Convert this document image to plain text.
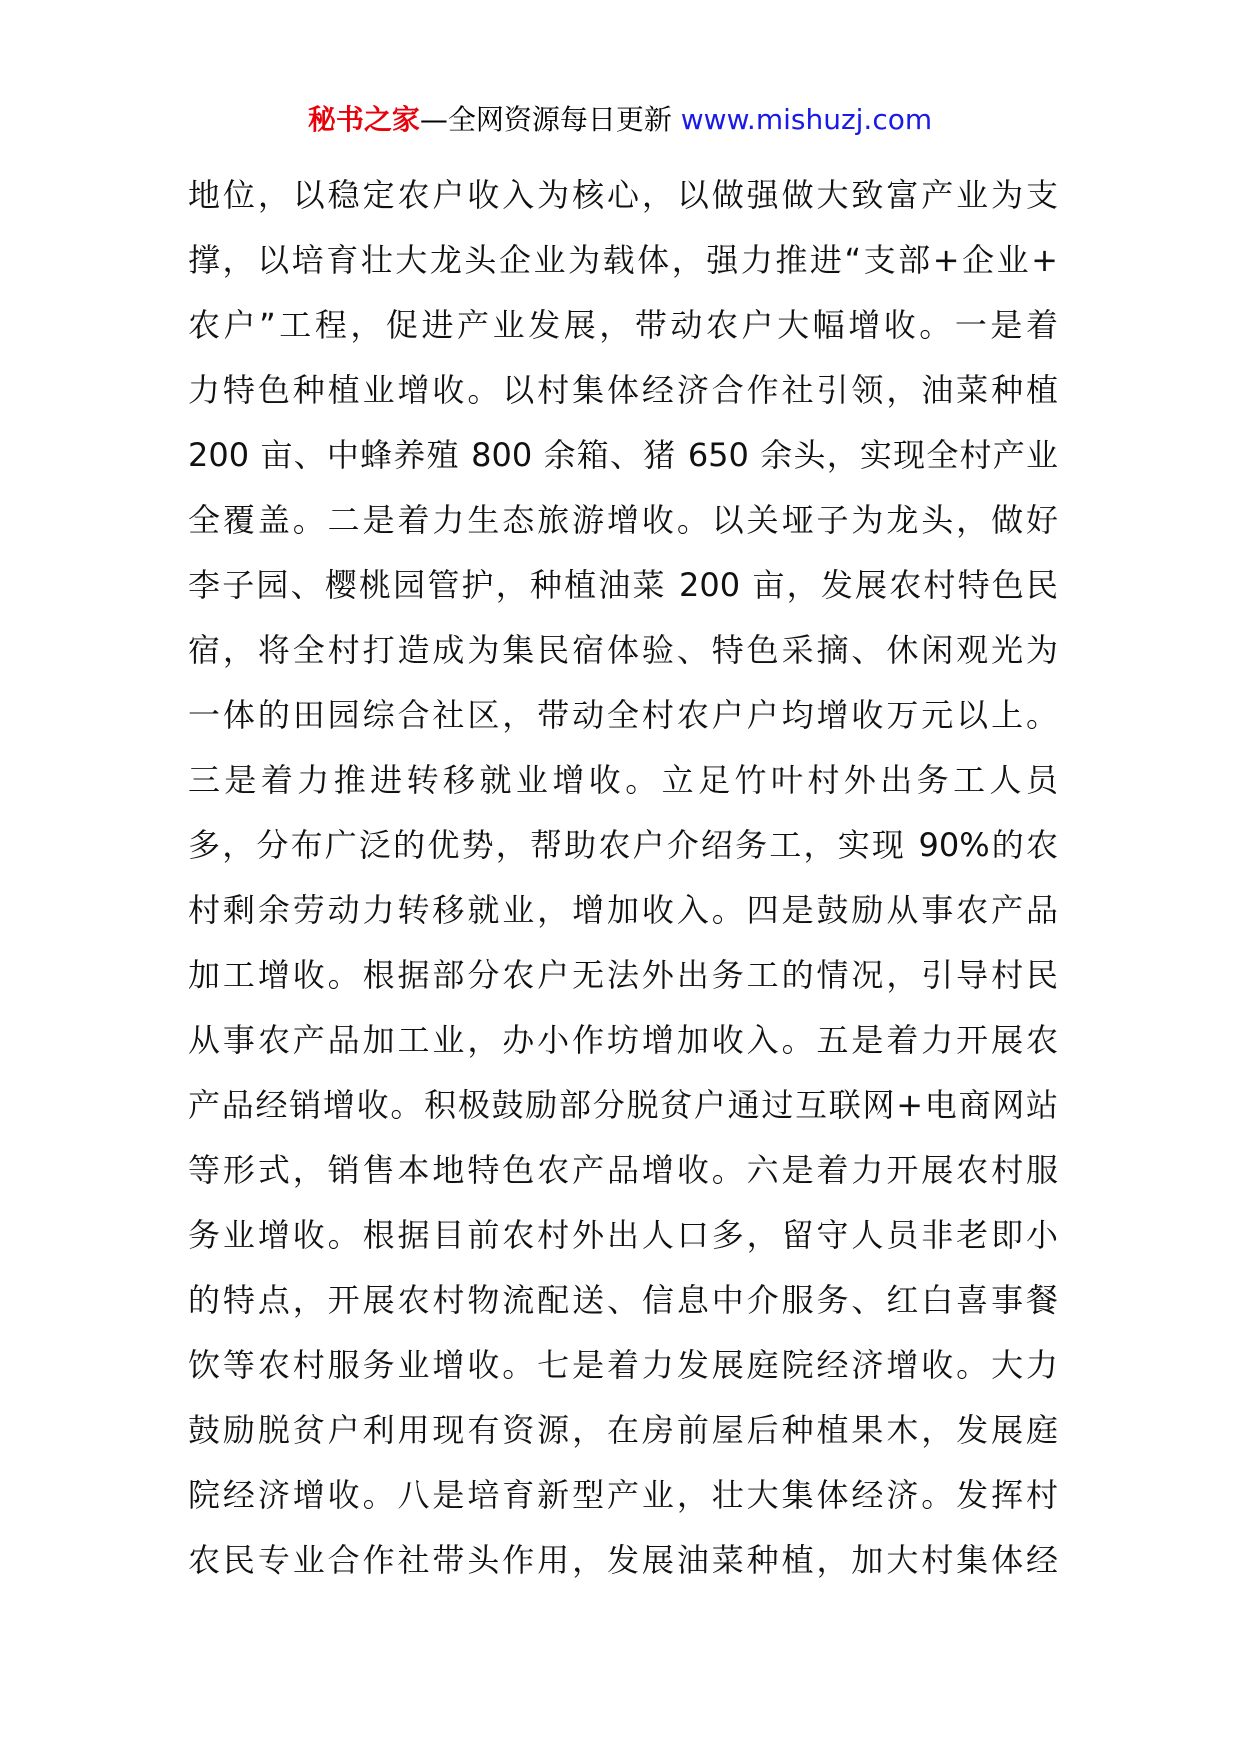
秘书之家—全网资源每日更新 www.mishuzj.com
地位，以稳定农户收入为核心，以做强做大致富产业为支
撑，以培育壮大龙头企业为载体，强力推进“支部+企业+
农户”工程，促进产业发展，带动农户大幅增收。一是着
力特色种植业增收。以村集体经济合作社引领，油菜种植
200 亩、中蜂养殖 800 余箱、猪 650 余头，实现全村产业
全覆盖。二是着力生态旅游增收。以关垭子为龙头，做好
李子园、樱桃园管护，种植油菜 200 亩，发展农村特色民
宿，将全村打造成为集民宿体验、特色采摘、休闲观光为
一体的田园综合社区，带动全村农户户均增收万元以上。
三是着力推进转移就业增收。立足竹叶村外出务工人员
多，分布广泛的优势，帮助农户介绍务工，实现 90%的农
村剩余劳动力转移就业，增加收入。四是鼓励从事农产品
加工增收。根据部分农户无法外出务工的情况，引导村民
从事农产品加工业，办小作坊增加收入。五是着力开展农
产品经销增收。积极鼓励部分脱贫户通过互联网+电商网站
等形式，销售本地特色农产品增收。六是着力开展农村服
务业增收。根据目前农村外出人口多，留守人员非老即小
的特点，开展农村物流配送、信息中介服务、红白喜事餐
饮等农村服务业增收。七是着力发展庭院经济增收。大力
鼓励脱贫户利用现有资源，在房前屋后种植果木，发展庭
院经济增收。八是培育新型产业，壮大集体经济。发挥村
农民专业合作社带头作用，发展油菜种植，加大村集体经
